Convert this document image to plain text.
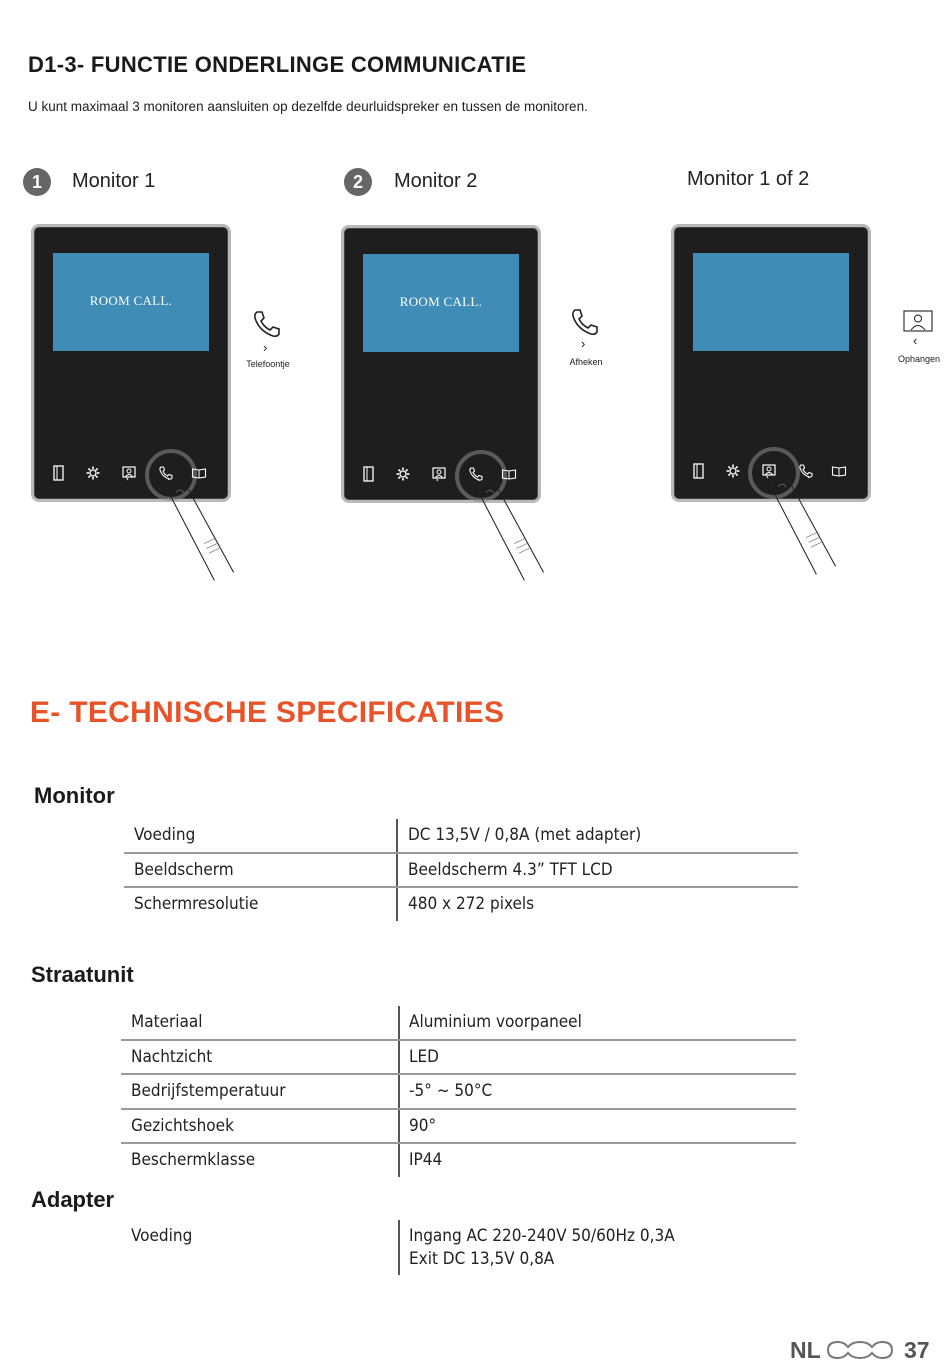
D1-3- FUNCTIE ONDERLINGE COMMUNICATIE
U kunt maximaal 3 monitoren aansluiten op dezelfde deurluidspreker en tussen de monitoren.
1	Monitor 1	2	Monitor 2	Monitor 1 of 2
ROOM CALL.
›
Telefoontje
ROOM CALL.
›
Afheken
‹
Ophangen
E- TECHNISCHE SPECIFICATIES
Monitor
Voeding	DC 13,5V / 0,8A (met adapter)
Beeldscherm	Beeldscherm 4.3” TFT LCD
Schermresolutie	480 x 272 pixels
Straatunit
Materiaal	Aluminium voorpaneel
Nachtzicht	LED
Bedrijfstemperatuur	-5° ~ 50°C
Gezichtshoek	90°
Beschermklasse	IP44
Adapter
Voeding	Ingang AC 220-240V 50/60Hz 0,3A
Exit DC 13,5V 0,8A
NL	37
